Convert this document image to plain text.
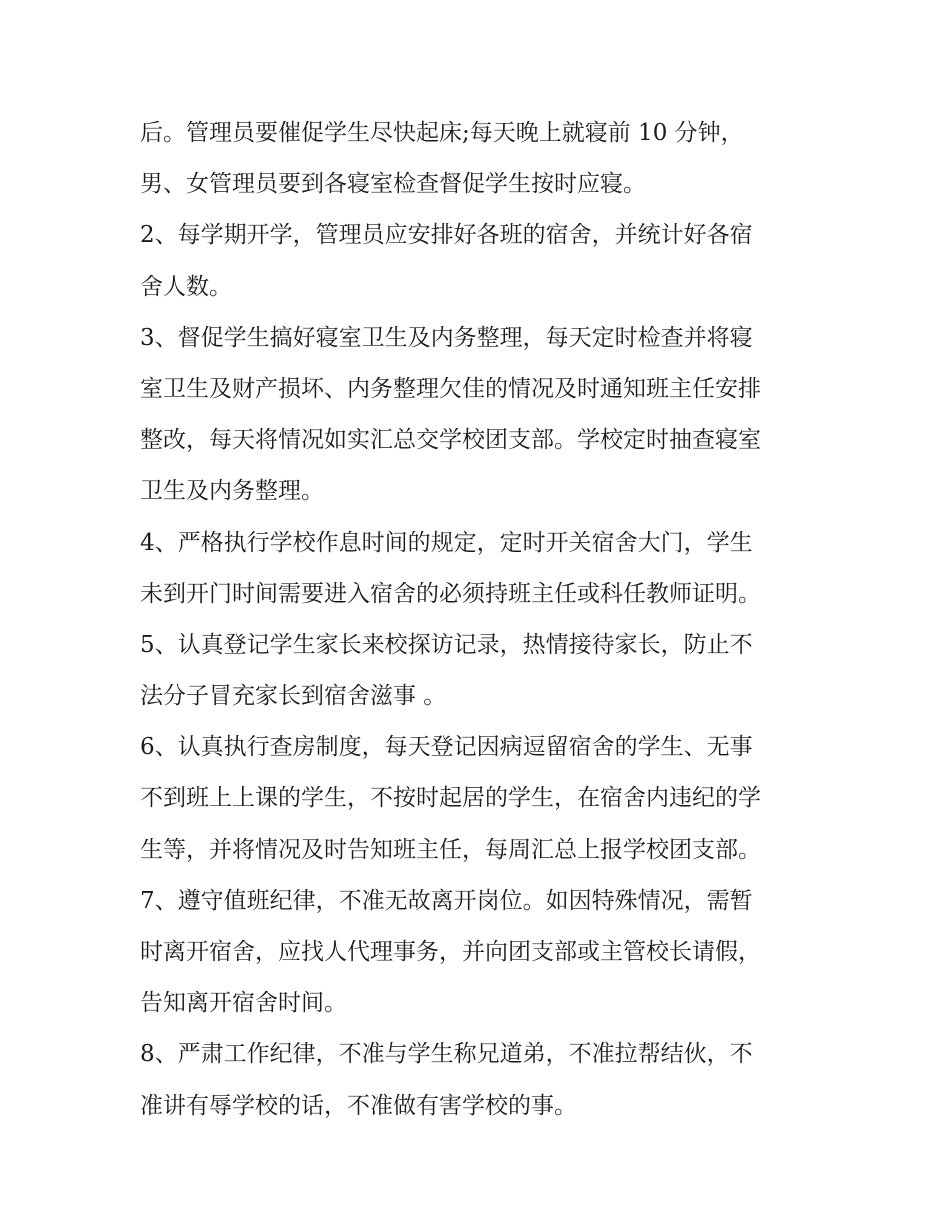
后。管理员要催促学生尽快起床;每天晚上就寝前 10 分钟，
男、女管理员要到各寝室检查督促学生按时应寝。
2、每学期开学，管理员应安排好各班的宿舍，并统计好各宿
舍人数。
3、督促学生搞好寝室卫生及内务整理，每天定时检查并将寝
室卫生及财产损坏、内务整理欠佳的情况及时通知班主任安排
整改，每天将情况如实汇总交学校团支部。学校定时抽查寝室
卫生及内务整理。
4、严格执行学校作息时间的规定，定时开关宿舍大门，学生
未到开门时间需要进入宿舍的必须持班主任或科任教师证明。
5、认真登记学生家长来校探访记录，热情接待家长，防止不
法分子冒充家长到宿舍滋事 。
6、认真执行查房制度，每天登记因病逗留宿舍的学生、无事
不到班上上课的学生，不按时起居的学生，在宿舍内违纪的学
生等，并将情况及时告知班主任，每周汇总上报学校团支部。
7、遵守值班纪律，不准无故离开岗位。如因特殊情况，需暂
时离开宿舍，应找人代理事务，并向团支部或主管校长请假，
告知离开宿舍时间。
8、严肃工作纪律，不准与学生称兄道弟，不准拉帮结伙，不
准讲有辱学校的话，不准做有害学校的事。
